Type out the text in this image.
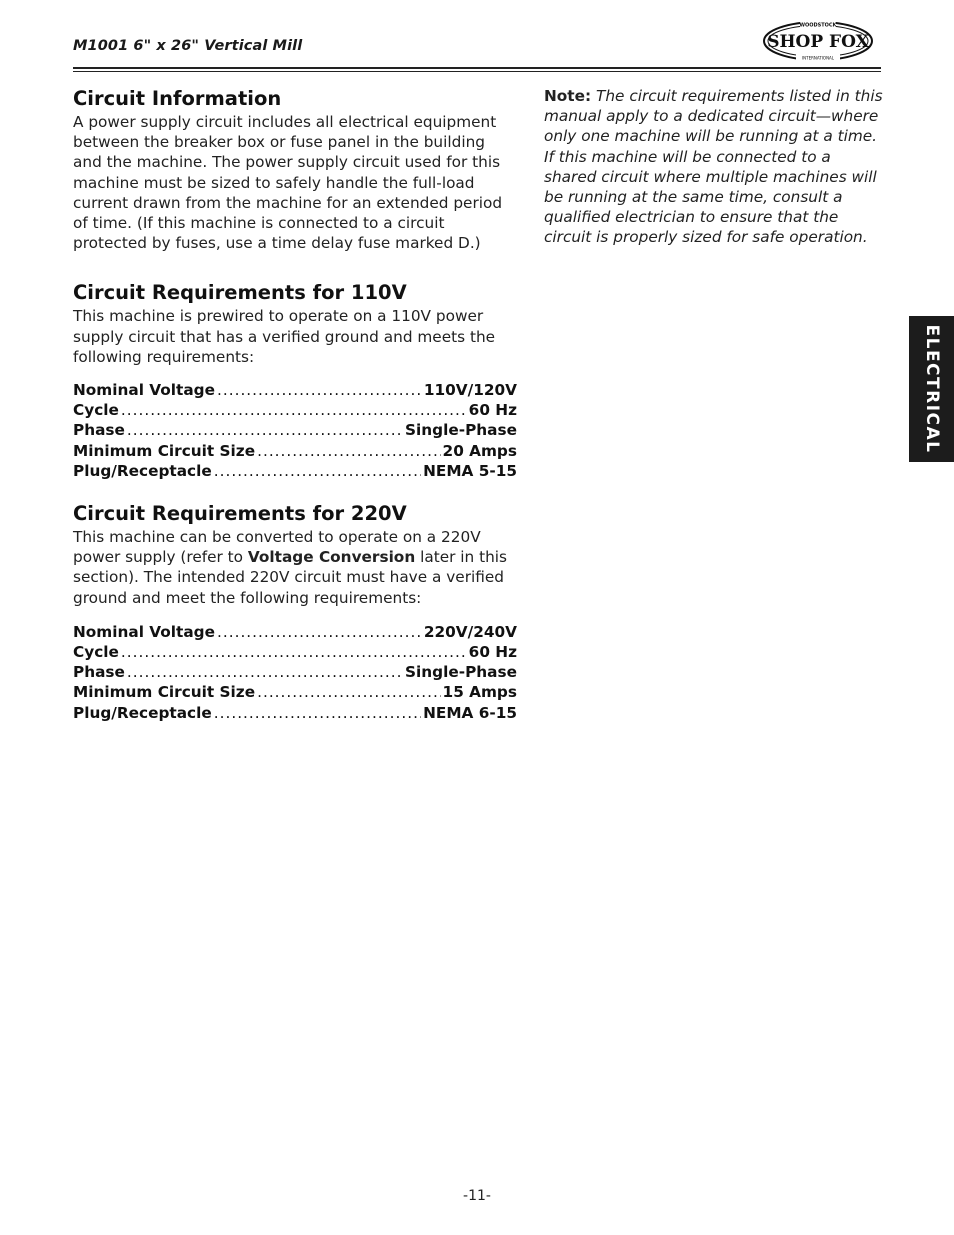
M1001 6" x 26" Vertical Mill
WOODSTOCK
SHOP FOX
INTERNATIONAL
Circuit Information

A power supply circuit includes all electrical equipment between the breaker box or fuse panel in the building and the machine. The power supply circuit used for this machine must be sized to safely handle the full-load current drawn from the machine for an extended period of time. (If this machine is connected to a circuit protected by fuses, use a time delay fuse marked D.)

Circuit Requirements for 110V

This machine is prewired to operate on a 110V power supply circuit that has a verified ground and meets the following requirements:

Nominal Voltage .....	110V/120V
Cycle .....	60 Hz
Phase .....	Single-Phase
Minimum Circuit Size .....	20 Amps
Plug/Receptacle .....	NEMA 5-15
Circuit Requirements for 220V

This machine can be converted to operate on a 220V power supply (refer to Voltage Conversion later in this section). The intended 220V circuit must have a verified ground and meet the following requirements:

Nominal Voltage .....	220V/240V
Cycle .....	60 Hz
Phase .....	Single-Phase
Minimum Circuit Size .....	15 Amps
Plug/Receptacle .....	NEMA 6-15

Note: The circuit requirements listed in this manual apply to a dedicated circuit—where only one machine will be running at a time. If this machine will be connected to a shared circuit where multiple machines will be running at the same time, consult a qualified electrician to ensure that the circuit is properly sized for safe operation.

ELECTRICAL
-11-
